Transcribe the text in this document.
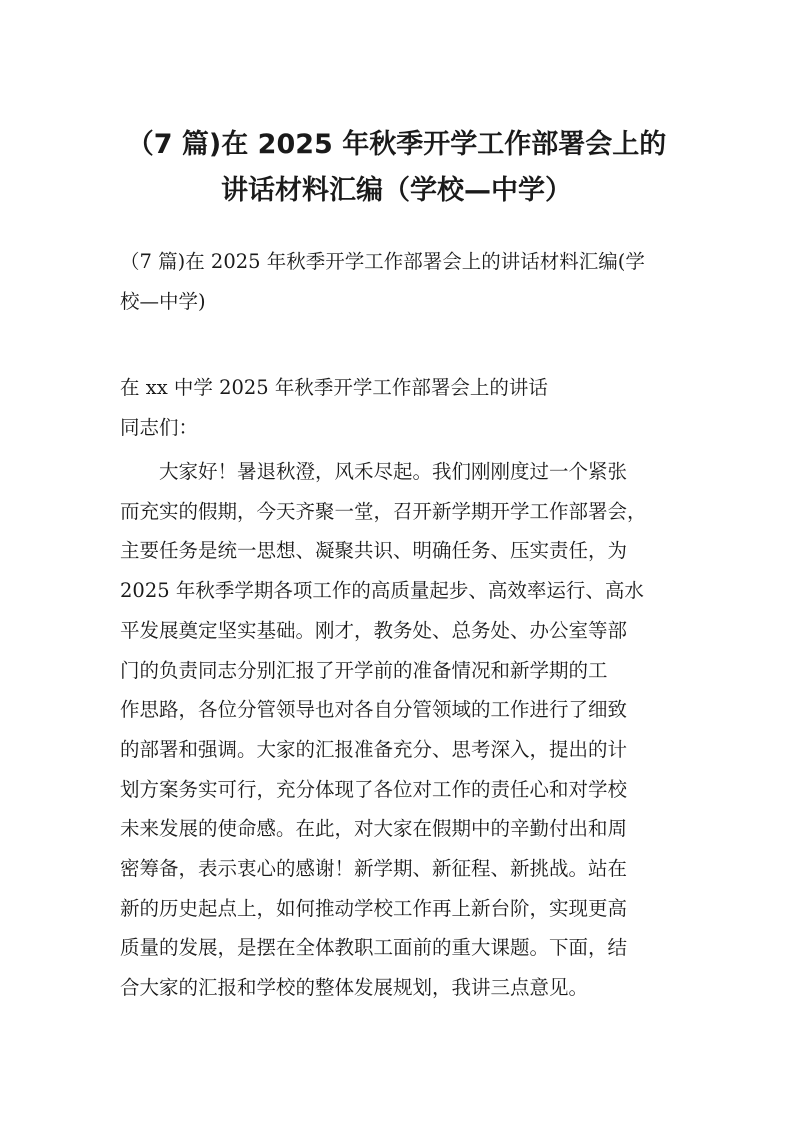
（7 篇)在 2025 年秋季开学工作部署会上的
讲话材料汇编（学校—中学）

（7 篇)在 2025 年秋季开学工作部署会上的讲话材料汇编(学
校—中学)

在 xx 中学 2025 年秋季开学工作部署会上的讲话

同志们：

　　大家好！暑退秋澄，风禾尽起。我们刚刚度过一个紧张
而充实的假期，今天齐聚一堂，召开新学期开学工作部署会，
主要任务是统一思想、凝聚共识、明确任务、压实责任，为
2025 年秋季学期各项工作的高质量起步、高效率运行、高水
平发展奠定坚实基础。刚才，教务处、总务处、办公室等部
门的负责同志分别汇报了开学前的准备情况和新学期的工
作思路，各位分管领导也对各自分管领域的工作进行了细致
的部署和强调。大家的汇报准备充分、思考深入，提出的计
划方案务实可行，充分体现了各位对工作的责任心和对学校
未来发展的使命感。在此，对大家在假期中的辛勤付出和周
密筹备，表示衷心的感谢！新学期、新征程、新挑战。站在
新的历史起点上，如何推动学校工作再上新台阶，实现更高
质量的发展，是摆在全体教职工面前的重大课题。下面，结
合大家的汇报和学校的整体发展规划，我讲三点意见。
